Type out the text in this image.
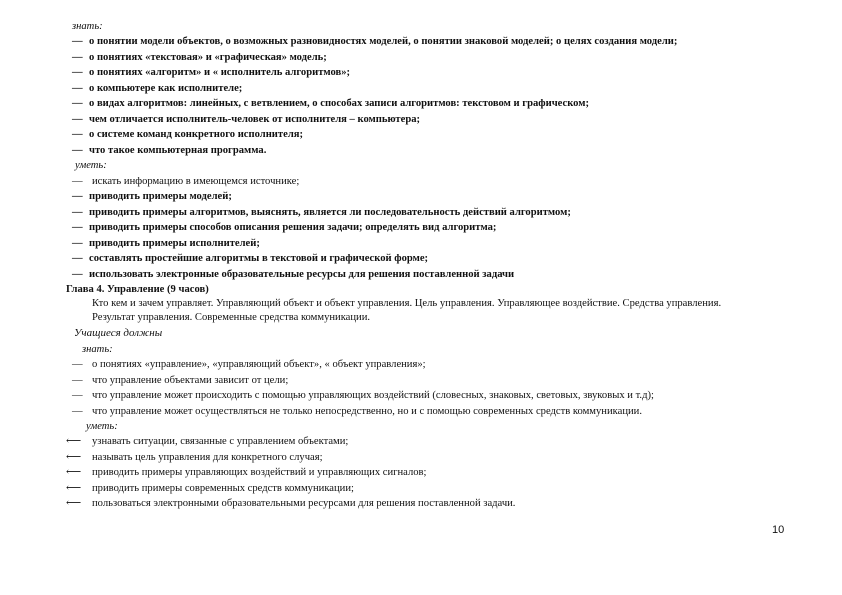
знать:
— о понятии модели объектов, о возможных разновидностях моделей, о понятии знаковой моделей; о целях создания модели;
— о понятиях «текстовая» и «графическая» модель;
— о понятиях «алгоритм» и « исполнитель алгоритмов»;
— о компьютере как исполнителе;
— о видах алгоритмов: линейных, с ветвлением, о способах записи алгоритмов: текстовом и графическом;
— чем отличается исполнитель-человек от исполнителя – компьютера;
— о системе команд конкретного исполнителя;
— что такое компьютерная программа.
уметь:
— искать информацию в имеющемся источнике;
— приводить примеры моделей;
— приводить примеры алгоритмов, выяснять, является ли последовательность действий алгоритмом;
— приводить примеры способов описания решения задачи; определять вид алгоритма;
— приводить примеры исполнителей;
— составлять простейшие алгоритмы в текстовой и графической форме;
— использовать электронные образовательные ресурсы для решения поставленной задачи
Глава 4. Управление (9 часов)
Кто кем и зачем управляет. Управляющий объект и объект управления. Цель управления. Управляющее воздействие. Средства управления. Результат управления. Современные средства коммуникации.
Учащиеся должны
знать:
— о понятиях «управление», «управляющий объект», « объект управления»;
— что управление объектами зависит от цели;
— что управление может происходить с помощью управляющих воздействий (словесных, знаковых, световых, звуковых и т.д);
— что управление может осуществляться не только непосредственно, но и с помощью современных средств коммуникации.
уметь:
⟵ узнавать ситуации, связанные с управлением объектами;
⟵ называть цель управления для конкретного случая;
⟵ приводить примеры управляющих воздействий и управляющих сигналов;
⟵ приводить примеры современных средств коммуникации;
⟵ пользоваться электронными образовательными ресурсами для решения поставленной задачи.
10
